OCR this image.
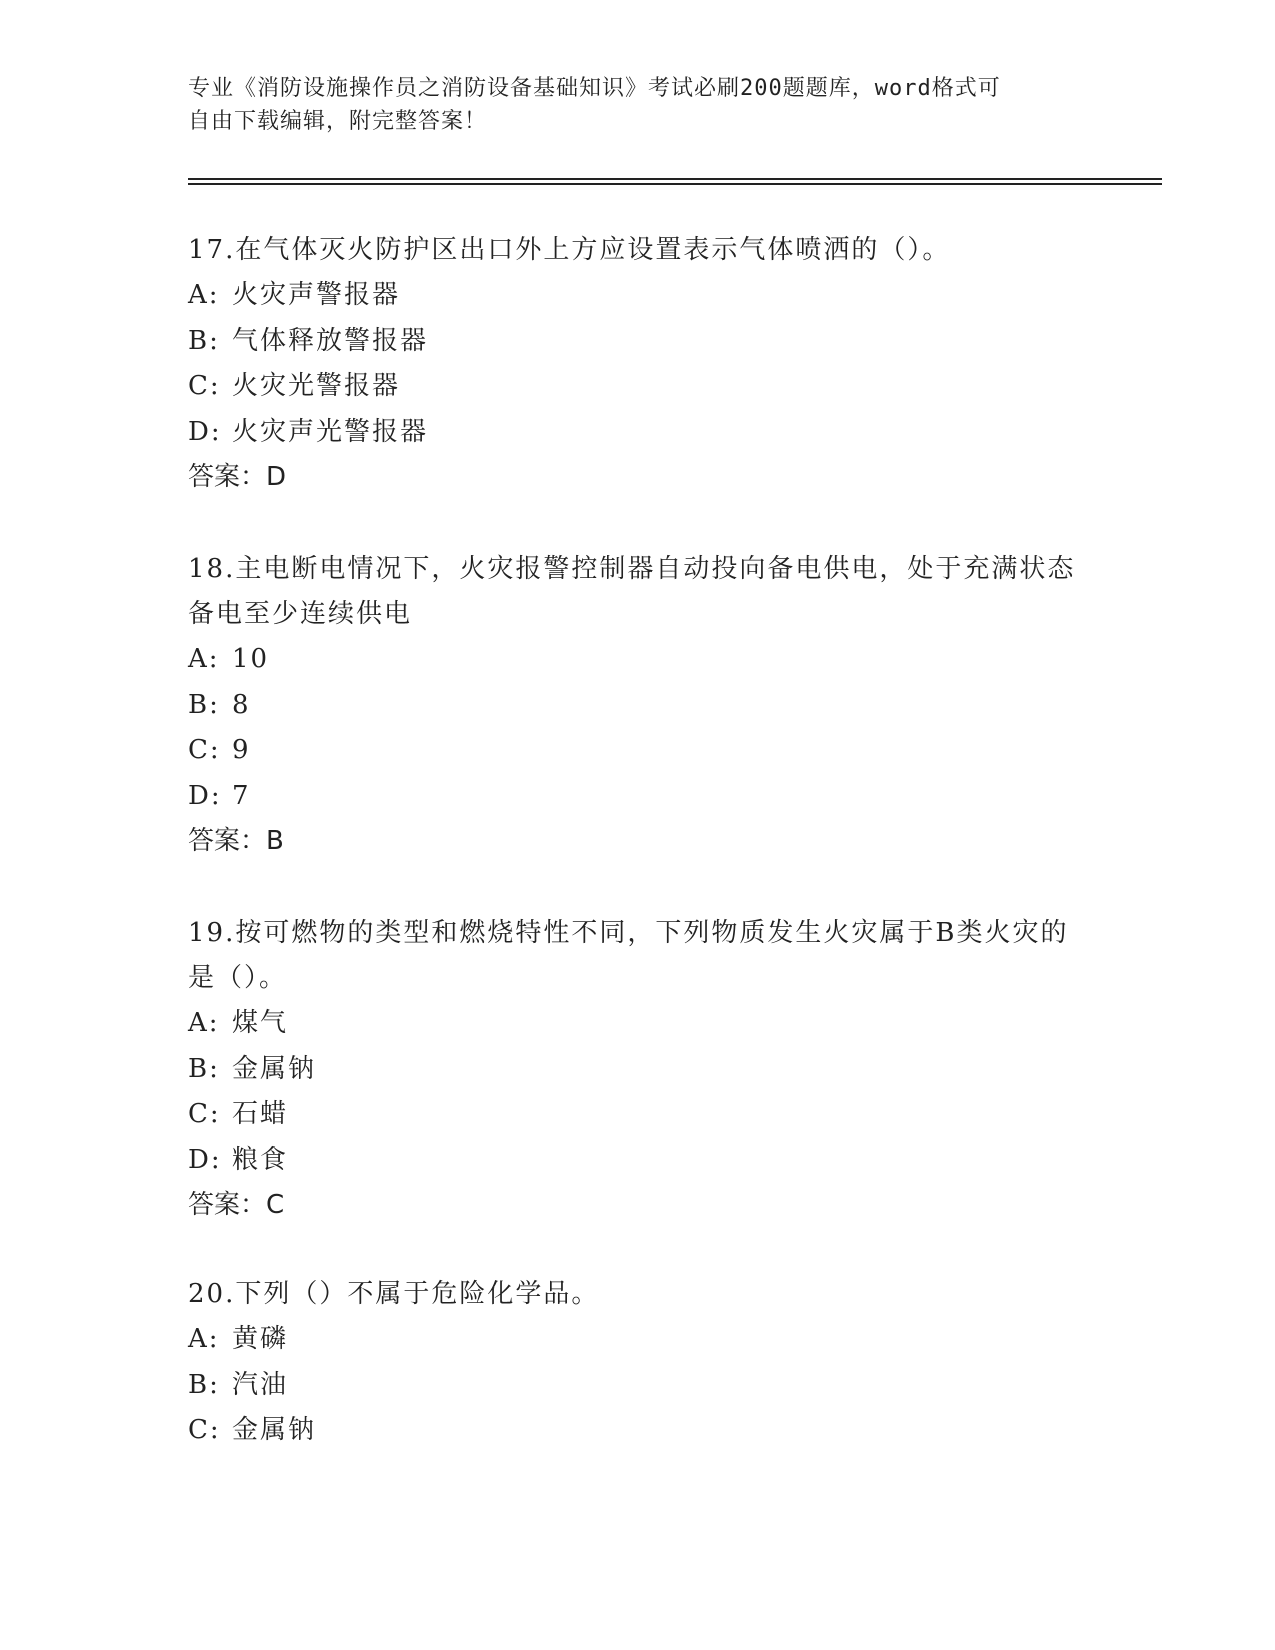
专业《消防设施操作员之消防设备基础知识》考试必刷200题题库，word格式可
自由下载编辑，附完整答案！
17.在气体灭火防护区出口外上方应设置表示气体喷洒的（）。
A: 火灾声警报器
B: 气体释放警报器
C: 火灾光警报器
D: 火灾声光警报器
答案：D
18.主电断电情况下，火灾报警控制器自动投向备电供电，处于充满状态备电至少连续供电
A: 10
B: 8
C: 9
D: 7
答案：B
19.按可燃物的类型和燃烧特性不同，下列物质发生火灾属于B类火灾的是（）。
A: 煤气
B: 金属钠
C: 石蜡
D: 粮食
答案：C
20.下列（）不属于危险化学品。
A: 黄磷
B: 汽油
C: 金属钠
